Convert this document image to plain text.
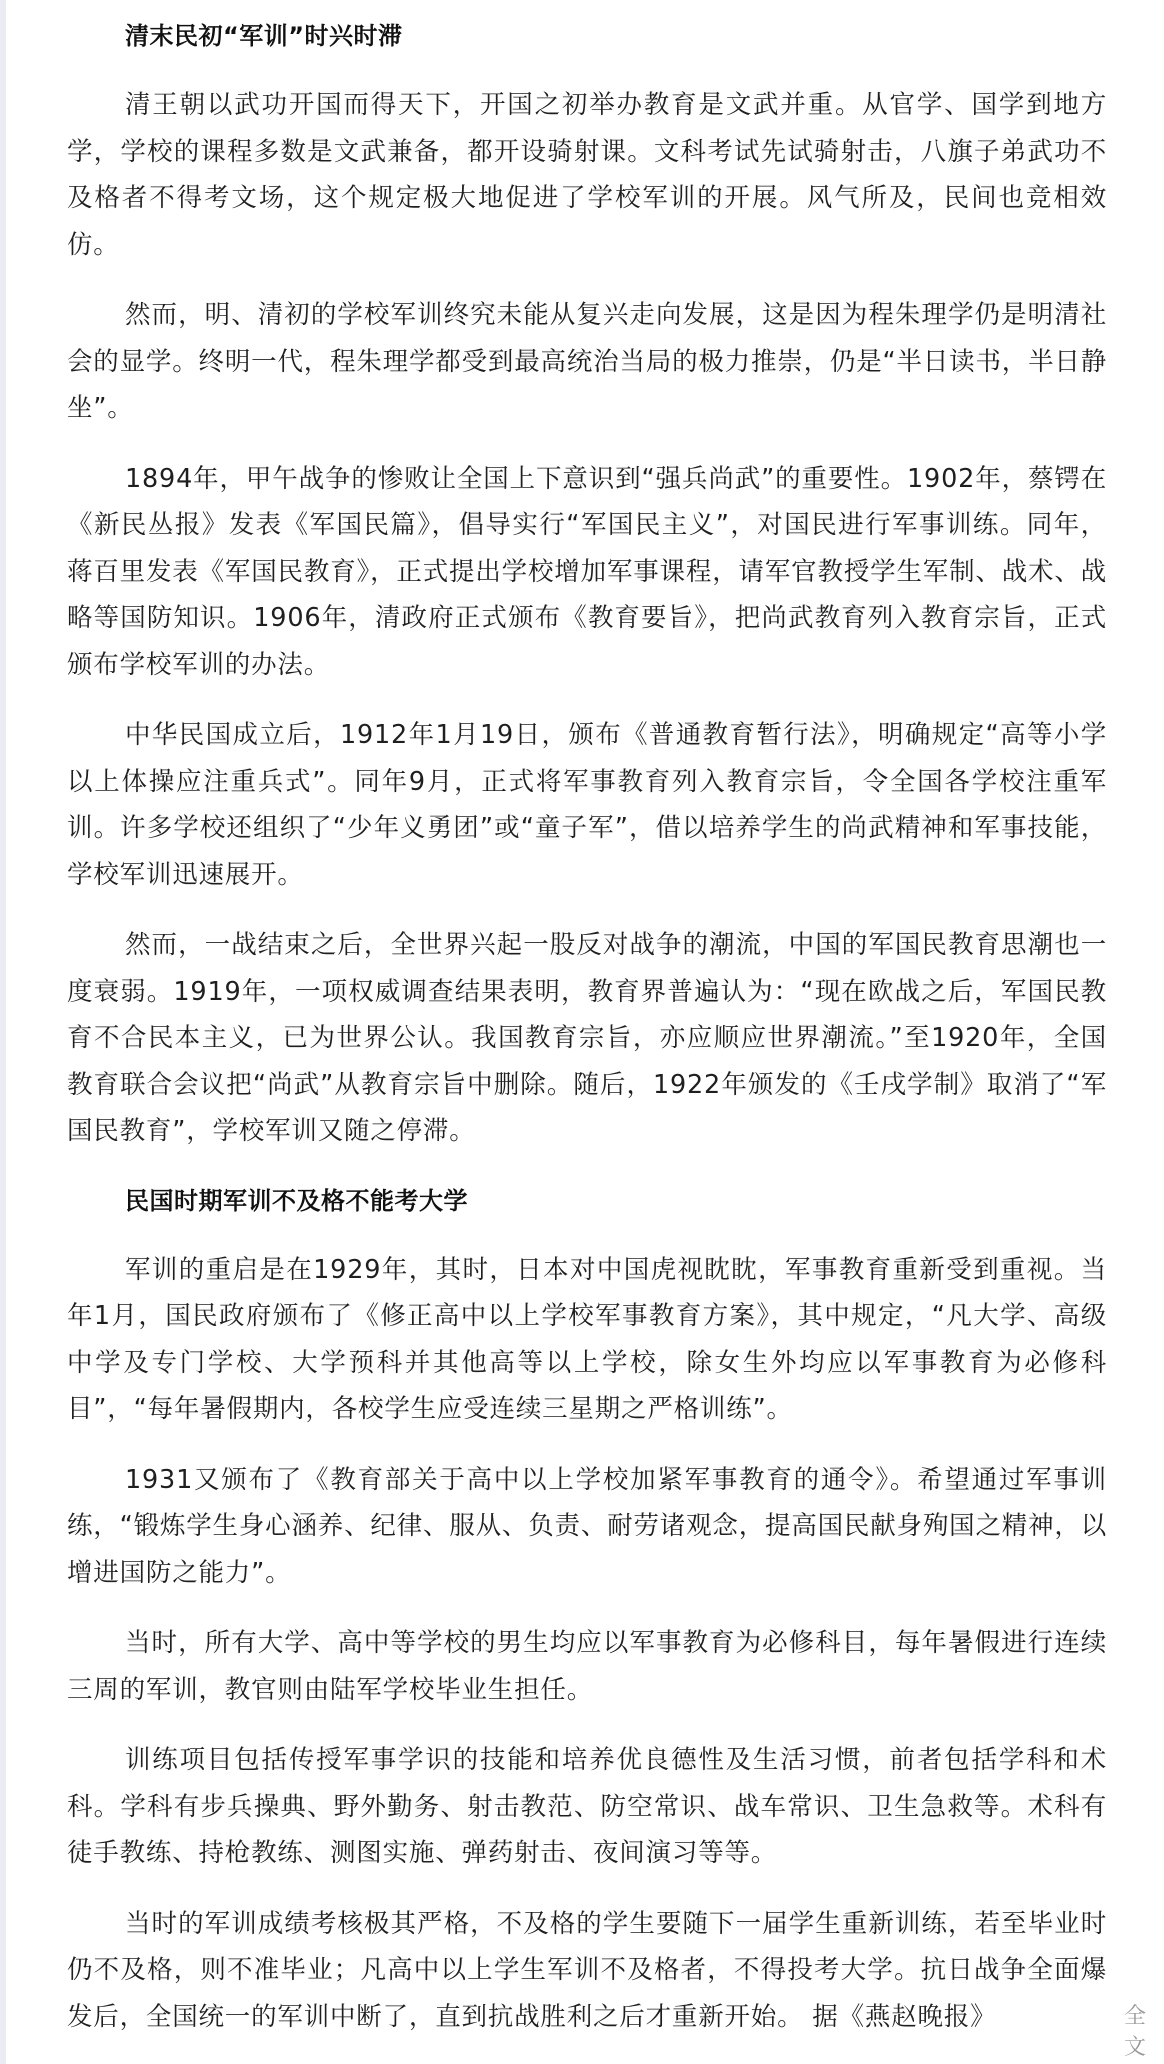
清末民初“军训”时兴时滞

清王朝以武功开国而得天下，开国之初举办教育是文武并重。从官学、国学到地方学，学校的课程多数是文武兼备，都开设骑射课。文科考试先试骑射击，八旗子弟武功不及格者不得考文场，这个规定极大地促进了学校军训的开展。风气所及，民间也竞相效仿。

然而，明、清初的学校军训终究未能从复兴走向发展，这是因为程朱理学仍是明清社会的显学。终明一代，程朱理学都受到最高统治当局的极力推崇，仍是“半日读书，半日静坐”。

1894年，甲午战争的惨败让全国上下意识到“强兵尚武”的重要性。1902年，蔡锷在《新民丛报》发表《军国民篇》，倡导实行“军国民主义”，对国民进行军事训练。同年，蒋百里发表《军国民教育》，正式提出学校增加军事课程，请军官教授学生军制、战术、战略等国防知识。1906年，清政府正式颁布《教育要旨》，把尚武教育列入教育宗旨，正式颁布学校军训的办法。

中华民国成立后，1912年1月19日，颁布《普通教育暂行法》，明确规定“高等小学以上体操应注重兵式”。同年9月，正式将军事教育列入教育宗旨，令全国各学校注重军训。许多学校还组织了“少年义勇团”或“童子军”，借以培养学生的尚武精神和军事技能，学校军训迅速展开。

然而，一战结束之后，全世界兴起一股反对战争的潮流，中国的军国民教育思潮也一度衰弱。1919年，一项权威调查结果表明，教育界普遍认为：“现在欧战之后，军国民教育不合民本主义，已为世界公认。我国教育宗旨，亦应顺应世界潮流。”至1920年，全国教育联合会议把“尚武”从教育宗旨中删除。随后，1922年颁发的《壬戌学制》取消了“军国民教育”，学校军训又随之停滞。

民国时期军训不及格不能考大学

军训的重启是在1929年，其时，日本对中国虎视眈眈，军事教育重新受到重视。当年1月，国民政府颁布了《修正高中以上学校军事教育方案》，其中规定，“凡大学、高级中学及专门学校、大学预科并其他高等以上学校，除女生外均应以军事教育为必修科目”，“每年暑假期内，各校学生应受连续三星期之严格训练”。

1931又颁布了《教育部关于高中以上学校加紧军事教育的通令》。希望通过军事训练，“锻炼学生身心涵养、纪律、服从、负责、耐劳诸观念，提高国民献身殉国之精神，以增进国防之能力”。

当时，所有大学、高中等学校的男生均应以军事教育为必修科目，每年暑假进行连续三周的军训，教官则由陆军学校毕业生担任。

训练项目包括传授军事学识的技能和培养优良德性及生活习惯，前者包括学科和术科。学科有步兵操典、野外勤务、射击教范、防空常识、战车常识、卫生急救等。术科有徒手教练、持枪教练、测图实施、弹药射击、夜间演习等等。

当时的军训成绩考核极其严格，不及格的学生要随下一届学生重新训练，若至毕业时仍不及格，则不准毕业；凡高中以上学生军训不及格者，不得投考大学。抗日战争全面爆发后，全国统一的军训中断了，直到抗战胜利之后才重新开始。 据《燕赵晚报》	全文
